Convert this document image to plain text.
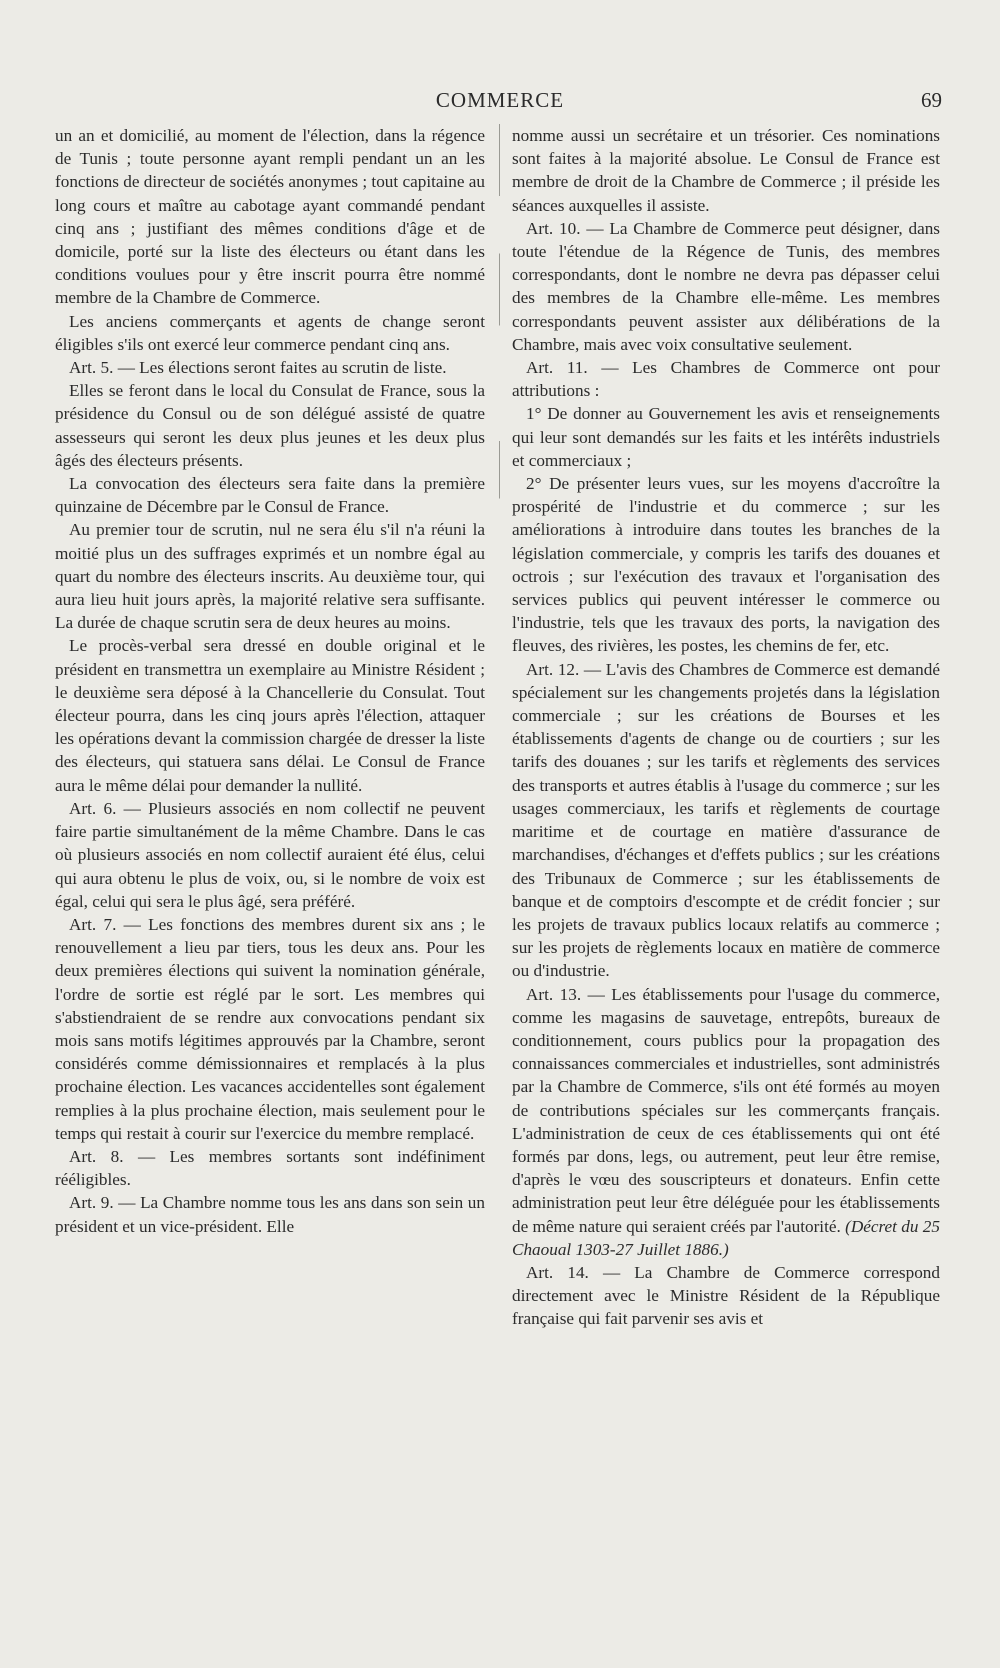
COMMERCE	69

un an et domicilié, au moment de l'élection, dans la régence de Tunis ; toute personne ayant rempli pendant un an les fonctions de directeur de sociétés anonymes ; tout capitaine au long cours et maître au cabotage ayant commandé pendant cinq ans ; justifiant des mêmes conditions d'âge et de domicile, porté sur la liste des électeurs ou étant dans les conditions voulues pour y être inscrit pourra être nommé membre de la Chambre de Commerce.

Les anciens commerçants et agents de change seront éligibles s'ils ont exercé leur commerce pendant cinq ans.

Art. 5. — Les élections seront faites au scrutin de liste.

Elles se feront dans le local du Consulat de France, sous la présidence du Consul ou de son délégué assisté de quatre assesseurs qui seront les deux plus jeunes et les deux plus âgés des électeurs présents.

La convocation des électeurs sera faite dans la première quinzaine de Décembre par le Consul de France.

Au premier tour de scrutin, nul ne sera élu s'il n'a réuni la moitié plus un des suffrages exprimés et un nombre égal au quart du nombre des électeurs inscrits. Au deuxième tour, qui aura lieu huit jours après, la majorité relative sera suffisante. La durée de chaque scrutin sera de deux heures au moins.

Le procès-verbal sera dressé en double original et le président en transmettra un exemplaire au Ministre Résident ; le deuxième sera déposé à la Chancellerie du Consulat. Tout électeur pourra, dans les cinq jours après l'élection, attaquer les opérations devant la commission chargée de dresser la liste des électeurs, qui statuera sans délai. Le Consul de France aura le même délai pour demander la nullité.

Art. 6. — Plusieurs associés en nom collectif ne peuvent faire partie simultanément de la même Chambre. Dans le cas où plusieurs associés en nom collectif auraient été élus, celui qui aura obtenu le plus de voix, ou, si le nombre de voix est égal, celui qui sera le plus âgé, sera préféré.

Art. 7. — Les fonctions des membres durent six ans ; le renouvellement a lieu par tiers, tous les deux ans. Pour les deux premières élections qui suivent la nomination générale, l'ordre de sortie est réglé par le sort. Les membres qui s'abstiendraient de se rendre aux convocations pendant six mois sans motifs légitimes approuvés par la Chambre, seront considérés comme démissionnaires et remplacés à la plus prochaine élection. Les vacances accidentelles sont également remplies à la plus prochaine élection, mais seulement pour le temps qui restait à courir sur l'exercice du membre remplacé.

Art. 8. — Les membres sortants sont indéfiniment rééligibles.

Art. 9. — La Chambre nomme tous les ans dans son sein un président et un vice-président. Elle

nomme aussi un secrétaire et un trésorier. Ces nominations sont faites à la majorité absolue. Le Consul de France est membre de droit de la Chambre de Commerce ; il préside les séances auxquelles il assiste.

Art. 10. — La Chambre de Commerce peut désigner, dans toute l'étendue de la Régence de Tunis, des membres correspondants, dont le nombre ne devra pas dépasser celui des membres de la Chambre elle-même. Les membres correspondants peuvent assister aux délibérations de la Chambre, mais avec voix consultative seulement.

Art. 11. — Les Chambres de Commerce ont pour attributions :

1° De donner au Gouvernement les avis et renseignements qui leur sont demandés sur les faits et les intérêts industriels et commerciaux ;

2° De présenter leurs vues, sur les moyens d'accroître la prospérité de l'industrie et du commerce ; sur les améliorations à introduire dans toutes les branches de la législation commerciale, y compris les tarifs des douanes et octrois ; sur l'exécution des travaux et l'organisation des services publics qui peuvent intéresser le commerce ou l'industrie, tels que les travaux des ports, la navigation des fleuves, des rivières, les postes, les chemins de fer, etc.

Art. 12. — L'avis des Chambres de Commerce est demandé spécialement sur les changements projetés dans la législation commerciale ; sur les créations de Bourses et les établissements d'agents de change ou de courtiers ; sur les tarifs des douanes ; sur les tarifs et règlements des services des transports et autres établis à l'usage du commerce ; sur les usages commerciaux, les tarifs et règlements de courtage maritime et de courtage en matière d'assurance de marchandises, d'échanges et d'effets publics ; sur les créations des Tribunaux de Commerce ; sur les établissements de banque et de comptoirs d'escompte et de crédit foncier ; sur les projets de travaux publics locaux relatifs au commerce ; sur les projets de règlements locaux en matière de commerce ou d'industrie.

Art. 13. — Les établissements pour l'usage du commerce, comme les magasins de sauvetage, entrepôts, bureaux de conditionnement, cours publics pour la propagation des connaissances commerciales et industrielles, sont administrés par la Chambre de Commerce, s'ils ont été formés au moyen de contributions spéciales sur les commerçants français. L'administration de ceux de ces établissements qui ont été formés par dons, legs, ou autrement, peut leur être remise, d'après le vœu des souscripteurs et donateurs. Enfin cette administration peut leur être déléguée pour les établissements de même nature qui seraient créés par l'autorité. (Décret du 25 Chaoual 1303-27 Juillet 1886.)

Art. 14. — La Chambre de Commerce correspond directement avec le Ministre Résident de la République française qui fait parvenir ses avis et
